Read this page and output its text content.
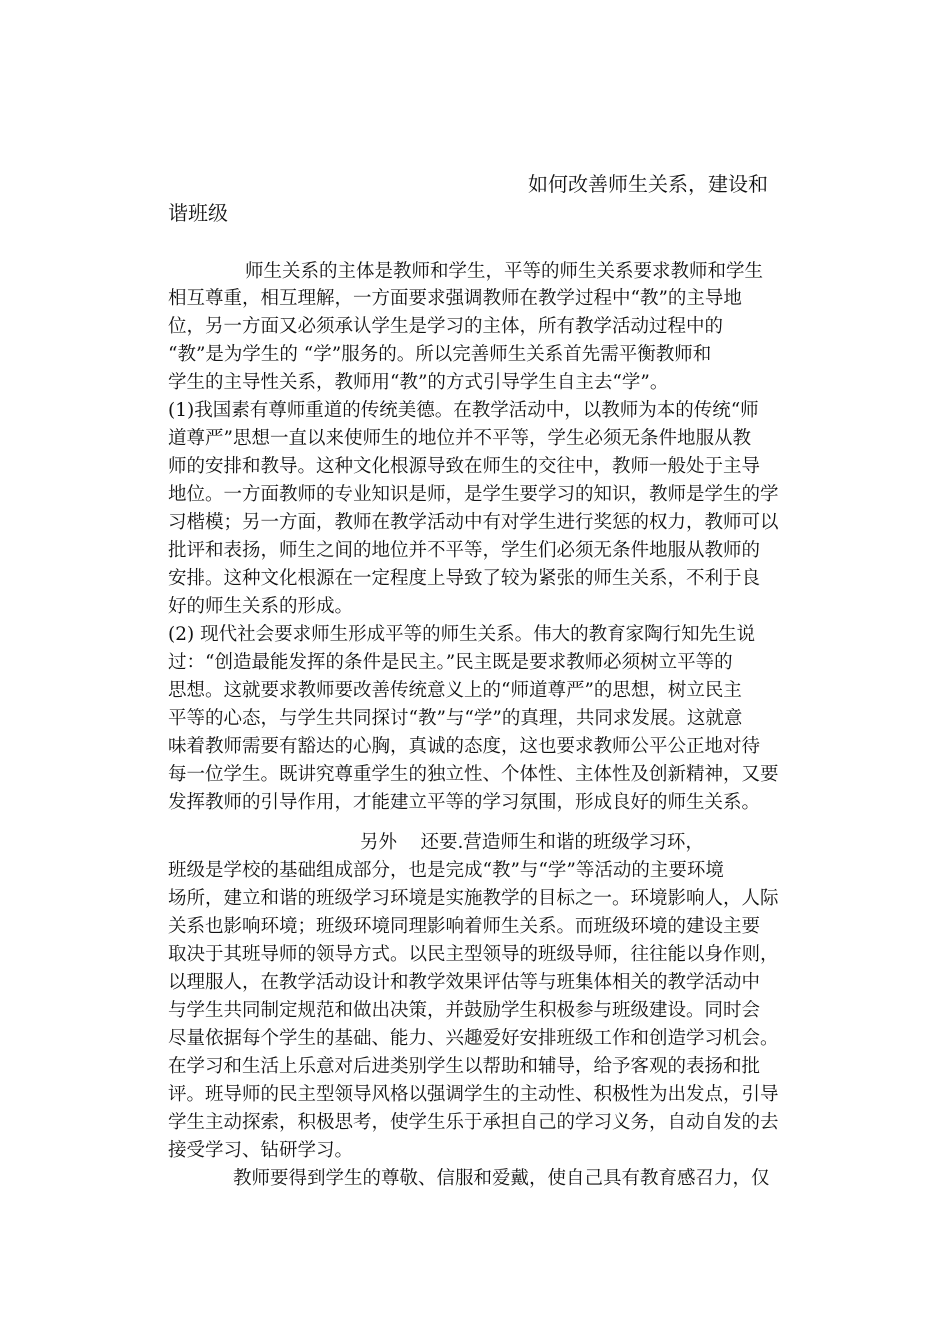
如何改善师生关系，建设和
谐班级
师生关系的主体是教师和学生，平等的师生关系要求教师和学生
相互尊重，相互理解，一方面要求强调教师在教学过程中“教”的主导地
位，另一方面又必须承认学生是学习的主体，所有教学活动过程中的
“教”是为学生的 “学”服务的。所以完善师生关系首先需平衡教师和
学生的主导性关系，教师用“教”的方式引导学生自主去“学”。
(1)我国素有尊师重道的传统美德。在教学活动中，以教师为本的传统“师
道尊严”思想一直以来使师生的地位并不平等，学生必须无条件地服从教
师的安排和教导。这种文化根源导致在师生的交往中，教师一般处于主导
地位。一方面教师的专业知识是师，是学生要学习的知识，教师是学生的学
习楷模；另一方面，教师在教学活动中有对学生进行奖惩的权力，教师可以
批评和表扬，师生之间的地位并不平等，学生们必须无条件地服从教师的
安排。这种文化根源在一定程度上导致了较为紧张的师生关系，不利于良
好的师生关系的形成。
(2) 现代社会要求师生形成平等的师生关系。伟大的教育家陶行知先生说
过：“创造最能发挥的条件是民主。”民主既是要求教师必须树立平等的
思想。这就要求教师要改善传统意义上的“师道尊严”的思想，树立民主
平等的心态，与学生共同探讨“教”与“学”的真理，共同求发展。这就意
味着教师需要有豁达的心胸，真诚的态度，这也要求教师公平公正地对待
每一位学生。既讲究尊重学生的独立性、个体性、主体性及创新精神，又要
发挥教师的引导作用，才能建立平等的学习氛围，形成良好的师生关系。
另外    还要.营造师生和谐的班级学习环，
班级是学校的基础组成部分，也是完成“教”与“学”等活动的主要环境
场所，建立和谐的班级学习环境是实施教学的目标之一。环境影响人，人际
关系也影响环境；班级环境同理影响着师生关系。而班级环境的建设主要
取决于其班导师的领导方式。以民主型领导的班级导师，往往能以身作则，
以理服人，在教学活动设计和教学效果评估等与班集体相关的教学活动中
与学生共同制定规范和做出决策，并鼓励学生积极参与班级建设。同时会
尽量依据每个学生的基础、能力、兴趣爱好安排班级工作和创造学习机会。
在学习和生活上乐意对后进类别学生以帮助和辅导，给予客观的表扬和批
评。班导师的民主型领导风格以强调学生的主动性、积极性为出发点，引导
学生主动探索，积极思考，使学生乐于承担自己的学习义务，自动自发的去
接受学习、钻研学习。
教师要得到学生的尊敬、信服和爱戴，使自己具有教育感召力，仅
